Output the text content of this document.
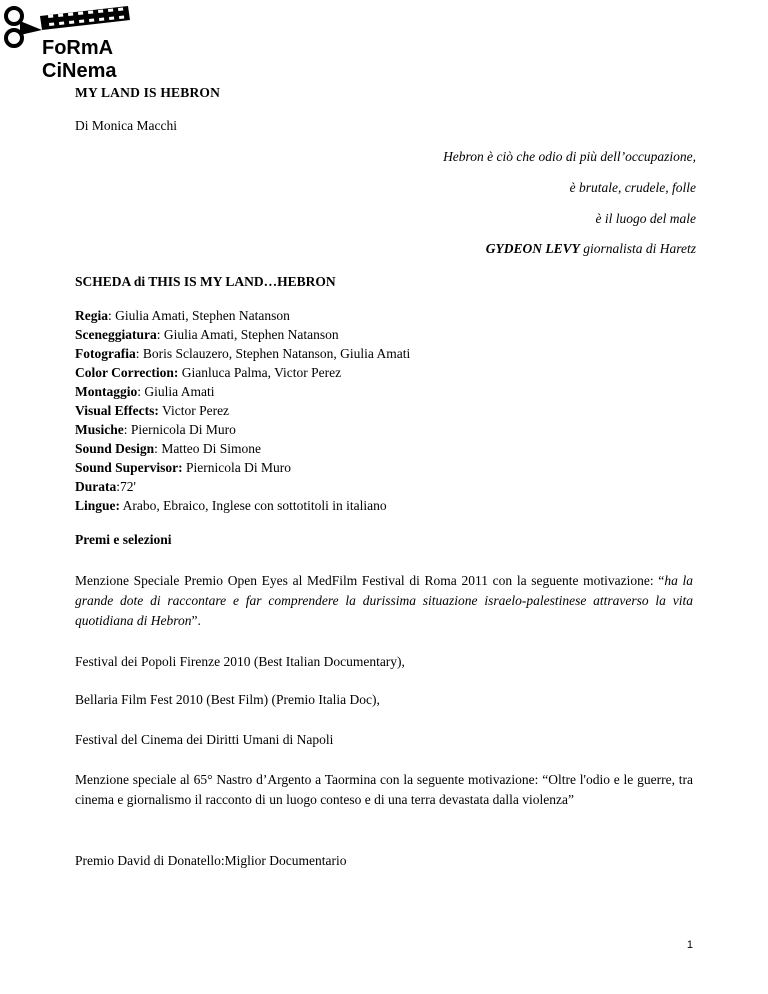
FoRmA
CiNema
MY LAND IS HEBRON
Di Monica Macchi
Hebron è ciò che odio di più dell’occupazione,
è brutale, crudele, folle
è il luogo del male
GYDEON LEVY giornalista di Haretz
SCHEDA di THIS IS MY LAND…HEBRON
Regia: Giulia Amati, Stephen Natanson
Sceneggiatura: Giulia Amati, Stephen Natanson
Fotografia: Boris Sclauzero, Stephen Natanson, Giulia Amati
Color Correction: Gianluca Palma, Victor Perez
Montaggio: Giulia Amati
Visual Effects: Victor Perez
Musiche: Piernicola Di Muro
Sound Design: Matteo Di Simone
Sound Supervisor: Piernicola Di Muro
Durata:72'
Lingue: Arabo, Ebraico, Inglese con sottotitoli in italiano
Premi e selezioni
Menzione Speciale Premio Open Eyes al MedFilm Festival di Roma 2011 con la seguente motivazione: “ha la grande dote di raccontare e far comprendere la durissima situazione israelo-palestinese attraverso la vita quotidiana di Hebron”.
Festival dei Popoli Firenze 2010 (Best Italian Documentary),
Bellaria Film Fest 2010 (Best Film) (Premio Italia Doc),
Festival del Cinema dei Diritti Umani di Napoli
Menzione speciale al 65° Nastro d’Argento a Taormina con la seguente motivazione: “Oltre l'odio e le guerre, tra cinema e giornalismo il racconto di un luogo conteso e di una terra devastata dalla violenza”
Premio David di Donatello:Miglior Documentario
1
